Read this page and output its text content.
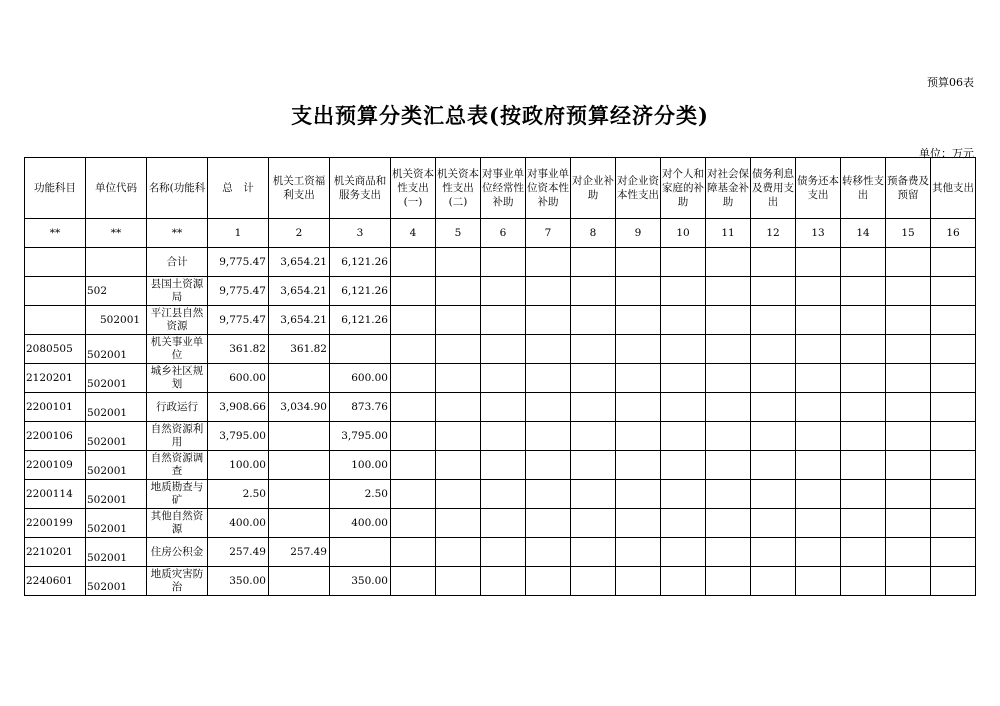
预算06表
支出预算分类汇总表(按政府预算经济分类)
单位：万元
功能科目	单位代码	名称(功能科	总　计	机关工资福利支出	机关商品和服务支出	机关资本性支出(一)	机关资本性支出(二)	对事业单位经常性补助	对事业单位资本性补助	对企业补助	对企业资本性支出	对个人和家庭的补助	对社会保障基金补助	债务利息及费用支出	债务还本支出	转移性支出	预备费及预留	其他支出
**	**	**	1	2	3	4	5	6	7	8	9	10	11	12	13	14	15	16
		合计	9,775.47	3,654.21	6,121.26													
	502	县国土资源局	9,775.47	3,654.21	6,121.26													
	502001	平江县自然资源	9,775.47	3,654.21	6,121.26													
2080505	502001	机关事业单位	361.82	361.82														
2120201	502001	城乡社区规划	600.00		600.00													
2200101	502001	行政运行	3,908.66	3,034.90	873.76													
2200106	502001	自然资源利用	3,795.00		3,795.00													
2200109	502001	自然资源调查	100.00		100.00													
2200114	502001	地质勘查与矿	2.50		2.50													
2200199	502001	其他自然资源	400.00		400.00													
2210201	502001	住房公积金	257.49	257.49														
2240601	502001	地质灾害防治	350.00		350.00													
